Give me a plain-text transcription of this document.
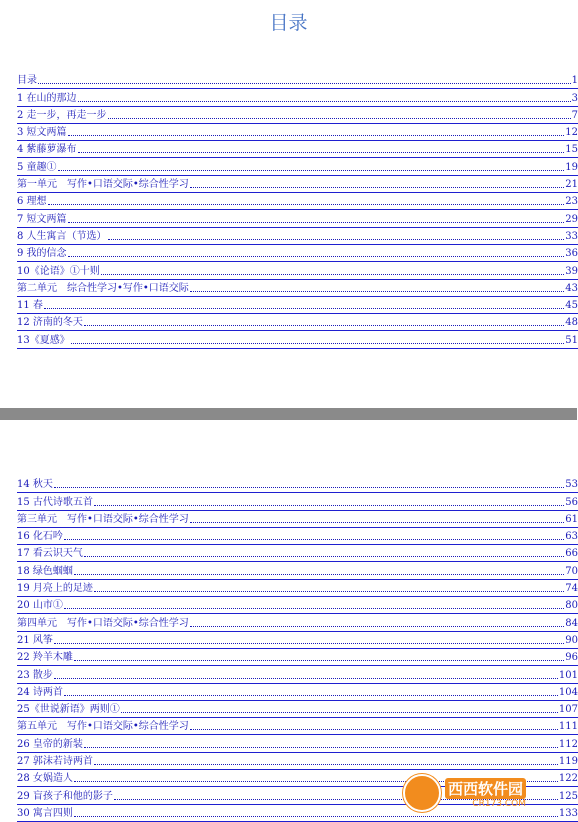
目录
目录	1
1 在山的那边	3
2 走一步，再走一步	7
3 短文两篇	12
4 紫藤萝瀑布	15
5 童趣①	19
第一单元　写作•口语交际•综合性学习	21
6 理想	23
7 短文两篇	29
8 人生寓言（节选）	33
9 我的信念	36
10《论语》①十则	39
第二单元　综合性学习•写作•口语交际	43
11 春	45
12 济南的冬天	48
13《夏感》	51
14 秋天	53
15 古代诗歌五首	56
第三单元　写作•口语交际•综合性学习	61
16 化石吟	63
17 看云识天气	66
18 绿色蝈蝈	70
19 月亮上的足迹	74
20 山市①	80
第四单元　写作•口语交际•综合性学习	84
21 风筝	90
22 羚羊木雕	96
23 散步	101
24 诗两首	104
25《世说新语》两则①	107
第五单元　写作•口语交际•综合性学习	111
26 皇帝的新装	112
27 郭沫若诗两首	119
28 女娲造人	122
29 盲孩子和他的影子	125
30 寓言四则	133
西西软件园
CR173.COM
